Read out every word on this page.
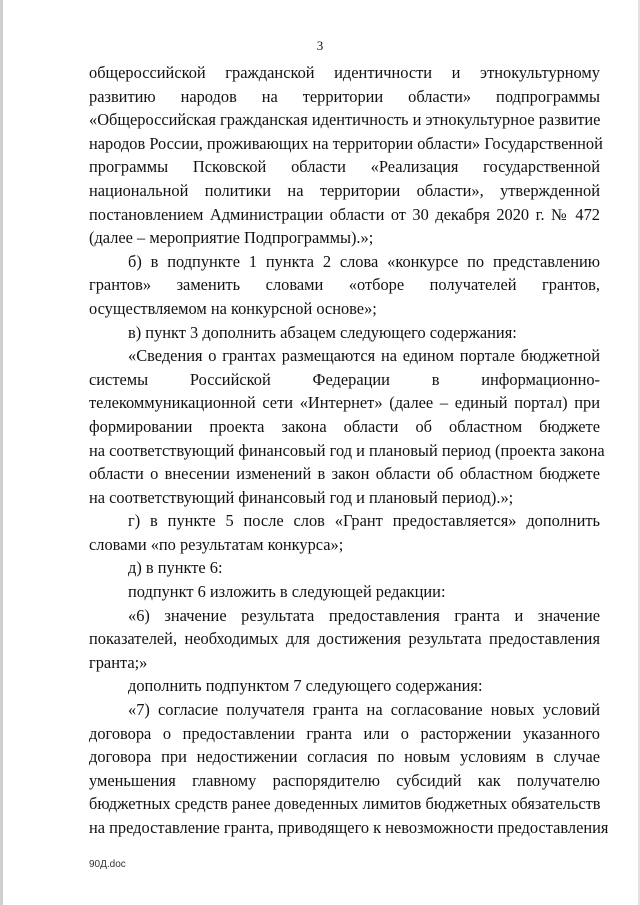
3
общероссийской гражданской идентичности и этнокультурному
развитию народов на территории области» подпрограммы
«Общероссийская гражданская идентичность и этнокультурное развитие
народов России, проживающих на территории области» Государственной
программы Псковской области «Реализация государственной
национальной политики на территории области», утвержденной
постановлением Администрации области от 30 декабря 2020 г. № 472
(далее – мероприятие Подпрограммы).»;
б) в подпункте 1 пункта 2 слова «конкурсе по представлению
грантов» заменить словами «отборе получателей грантов,
осуществляемом на конкурсной основе»;
в) пункт 3 дополнить абзацем следующего содержания:
«Сведения о грантах размещаются на едином портале бюджетной
системы Российской Федерации в информационно-
телекоммуникационной сети «Интернет» (далее – единый портал) при
формировании проекта закона области об областном бюджете
на соответствующий финансовый год и плановый период (проекта закона
области о внесении изменений в закон области об областном бюджете
на соответствующий финансовый год и плановый период).»;
г) в пункте 5 после слов «Грант предоставляется» дополнить
словами «по результатам конкурса»;
д) в пункте 6:
подпункт 6 изложить в следующей редакции:
«6) значение результата предоставления гранта и значение
показателей, необходимых для достижения результата предоставления
гранта;»
дополнить подпунктом 7 следующего содержания:
«7) согласие получателя гранта на согласование новых условий
договора о предоставлении гранта или о расторжении указанного
договора при недостижении согласия по новым условиям в случае
уменьшения главному распорядителю субсидий как получателю
бюджетных средств ранее доведенных лимитов бюджетных обязательств
на предоставление гранта, приводящего к невозможности предоставления
90Д.doc
